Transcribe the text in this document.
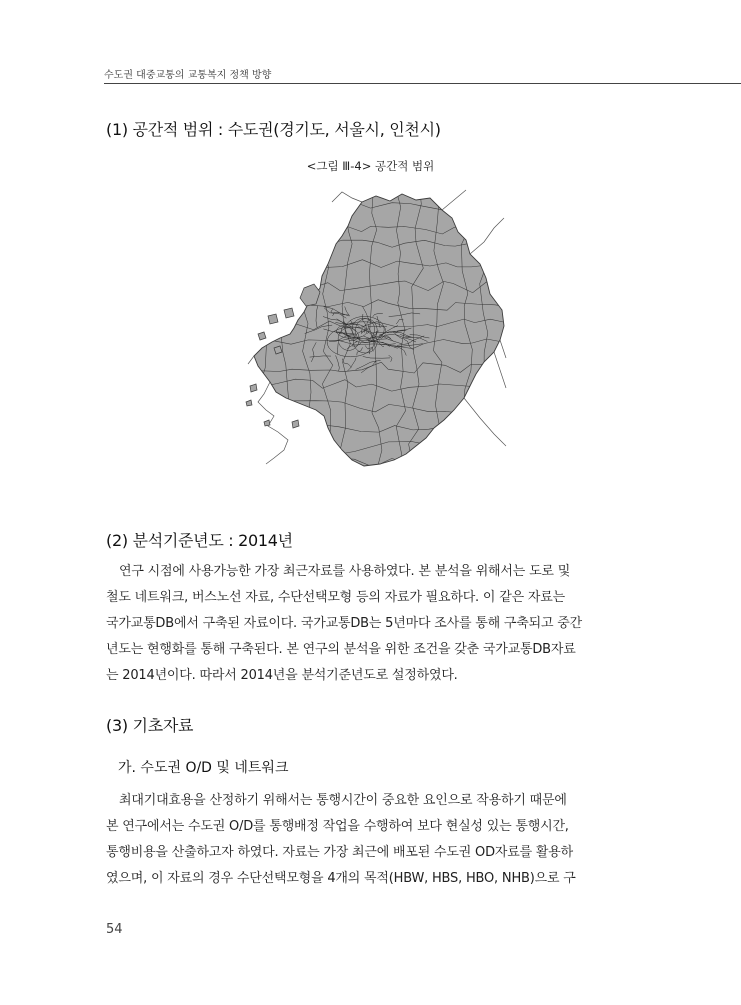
수도권 대중교통의 교통복지 정책 방향
(1) 공간적 범위 : 수도권(경기도, 서울시, 인천시)
<그림 Ⅲ-4> 공간적 범위
(2) 분석기준년도 : 2014년
연구 시점에 사용가능한 가장 최근자료를 사용하였다. 본 분석을 위해서는 도로 및
철도 네트워크, 버스노선 자료, 수단선택모형 등의 자료가 필요하다. 이 같은 자료는
국가교통DB에서 구축된 자료이다. 국가교통DB는 5년마다 조사를 통해 구축되고 중간
년도는 현행화를 통해 구축된다. 본 연구의 분석을 위한 조건을 갖춘 국가교통DB자료
는 2014년이다. 따라서 2014년을 분석기준년도로 설정하였다.
(3) 기초자료
가. 수도권 O/D 및 네트워크
최대기대효용을 산정하기 위해서는 통행시간이 중요한 요인으로 작용하기 때문에
본 연구에서는 수도권 O/D를 통행배정 작업을 수행하여 보다 현실성 있는 통행시간,
통행비용을 산출하고자 하였다. 자료는 가장 최근에 배포된 수도권 OD자료를 활용하
였으며, 이 자료의 경우 수단선택모형을 4개의 목적(HBW, HBS, HBO, NHB)으로 구
54
